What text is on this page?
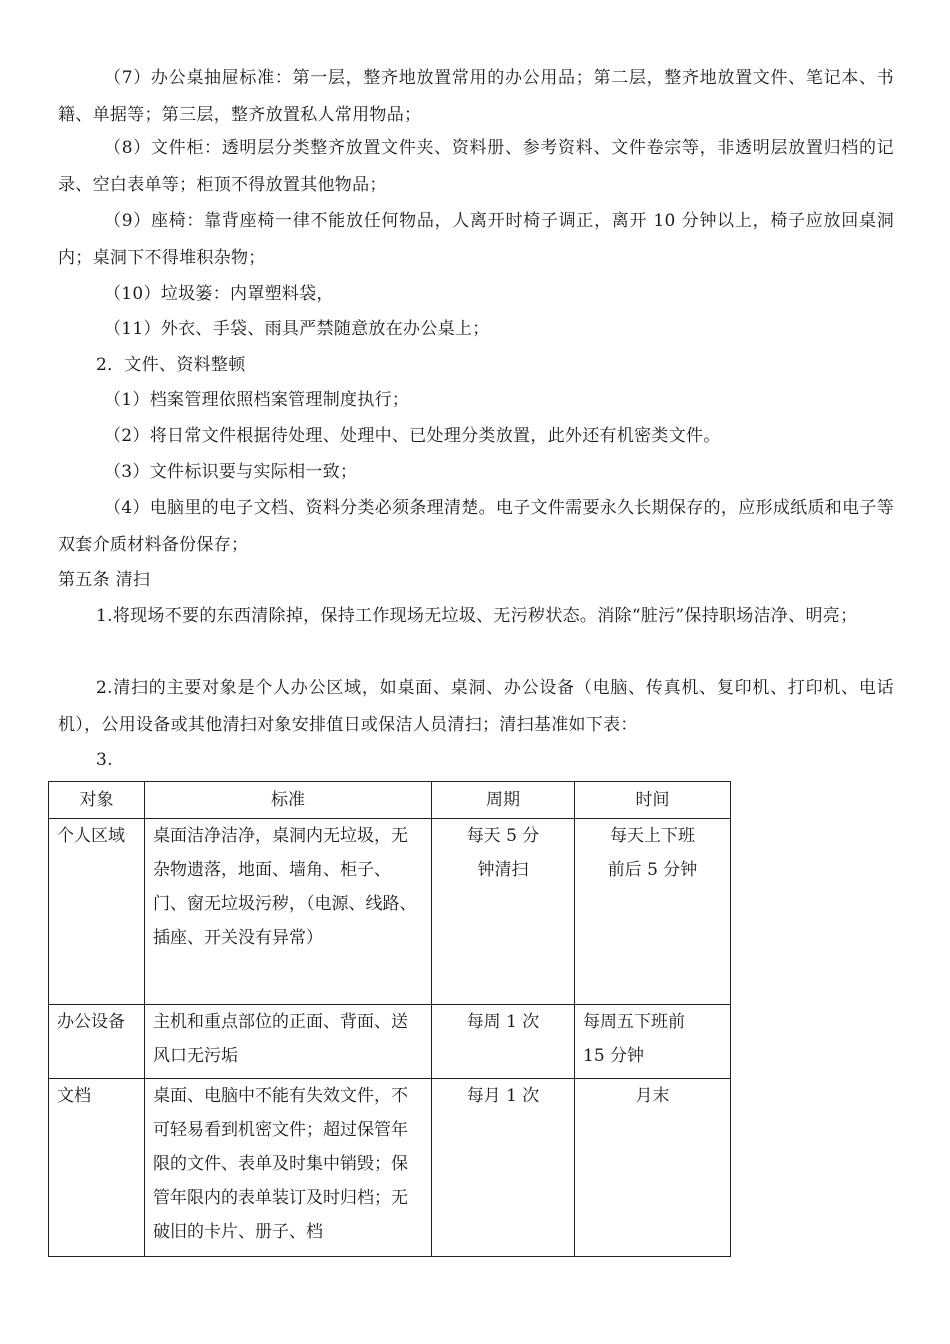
（7）办公桌抽屉标准：第一层，整齐地放置常用的办公用品；第二层，整齐地放置文件、笔记本、书籍、单据等；第三层，整齐放置私人常用物品；

（8）文件柜：透明层分类整齐放置文件夹、资料册、参考资料、文件卷宗等，非透明层放置归档的记录、空白表单等；柜顶不得放置其他物品；

（9）座椅：靠背座椅一律不能放任何物品，人离开时椅子调正，离开 10 分钟以上，椅子应放回桌洞内；桌洞下不得堆积杂物；

（10）垃圾篓：内罩塑料袋，

（11）外衣、手袋、雨具严禁随意放在办公桌上；

2．文件、资料整顿

（1）档案管理依照档案管理制度执行；

（2）将日常文件根据待处理、处理中、已处理分类放置，此外还有机密类文件。

（3）文件标识要与实际相一致；

（4）电脑里的电子文档、资料分类必须条理清楚。电子文件需要永久长期保存的，应形成纸质和电子等双套介质材料备份保存；

第五条 清扫

1.将现场不要的东西清除掉，保持工作现场无垃圾、无污秽状态。消除“脏污”保持职场洁净、明亮；

2.清扫的主要对象是个人办公区域，如桌面、桌洞、办公设备（电脑、传真机、复印机、打印机、电话机），公用设备或其他清扫对象安排值日或保洁人员清扫；清扫基准如下表：

3.

对象	标准	周期	时间
个人区域	桌面洁净洁净，桌洞内无垃圾，无杂物遗落，地面、墙角、柜子、门、窗无垃圾污秽，（电源、线路、插座、开关没有异常）	每天 5 分钟清扫	每天上下班前后 5 分钟
办公设备	主机和重点部位的正面、背面、送风口无污垢	每周 1 次	每周五下班前 15 分钟
文档	桌面、电脑中不能有失效文件，不可轻易看到机密文件；超过保管年限的文件、表单及时集中销毁；保管年限内的表单装订及时归档；无破旧的卡片、册子、档	每月 1 次	月末
